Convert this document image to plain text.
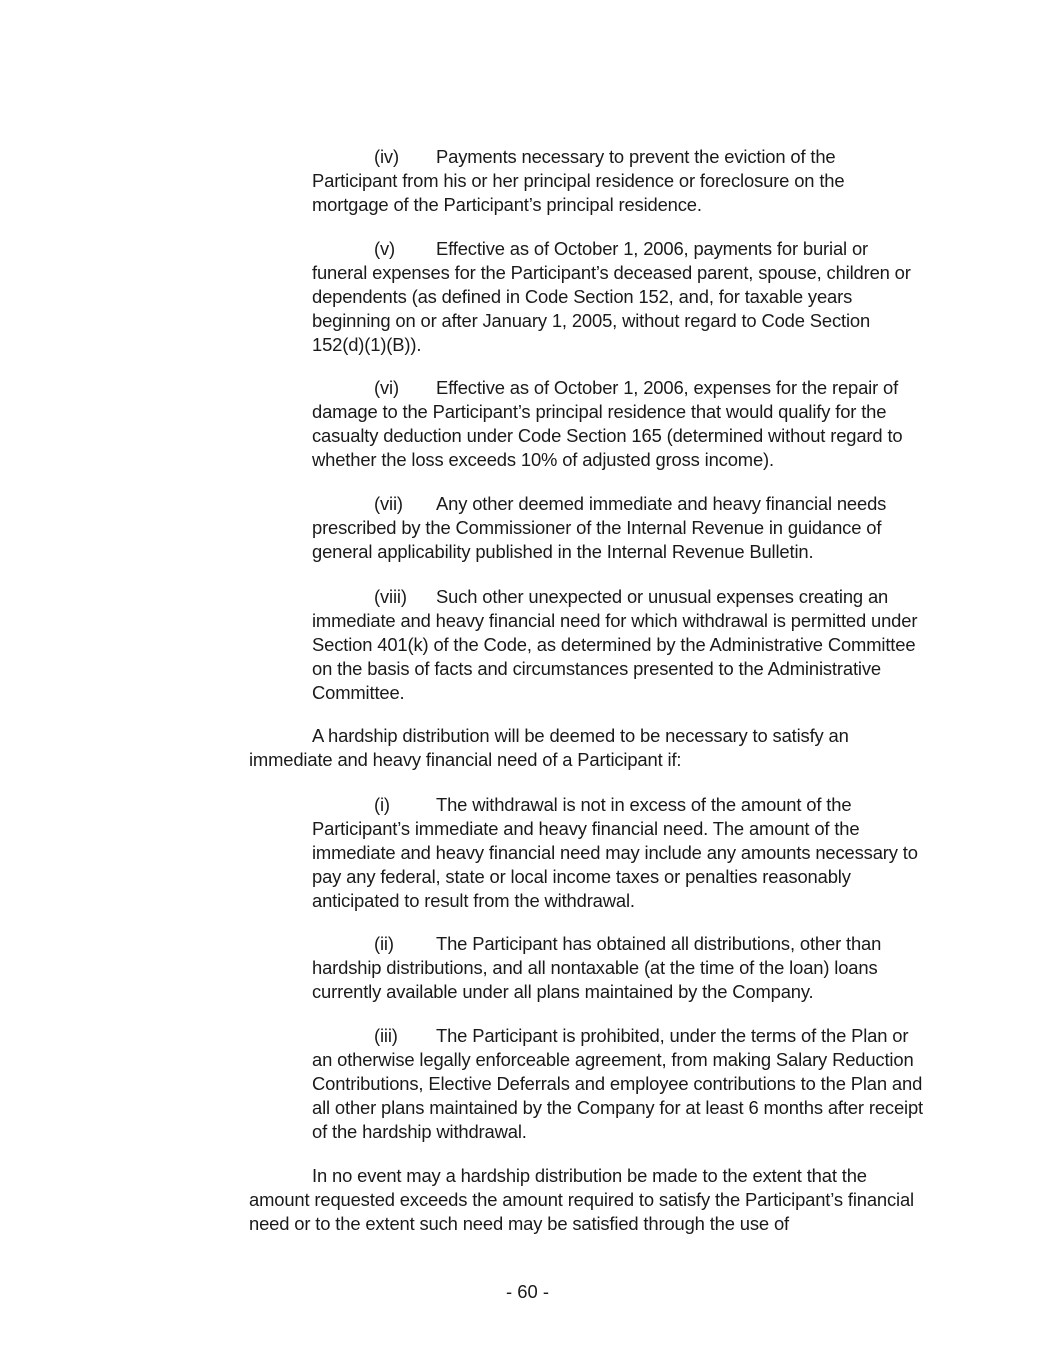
(iv) Payments necessary to prevent the eviction of the Participant from his or her principal residence or foreclosure on the mortgage of the Participant’s principal residence.

(v) Effective as of October 1, 2006, payments for burial or funeral expenses for the Participant’s deceased parent, spouse, children or dependents (as defined in Code Section 152, and, for taxable years beginning on or after January 1, 2005, without regard to Code Section 152(d)(1)(B)).

(vi) Effective as of October 1, 2006, expenses for the repair of damage to the Participant’s principal residence that would qualify for the casualty deduction under Code Section 165 (determined without regard to whether the loss exceeds 10% of adjusted gross income).

(vii) Any other deemed immediate and heavy financial needs prescribed by the Commissioner of the Internal Revenue in guidance of general applicability published in the Internal Revenue Bulletin.

(viii) Such other unexpected or unusual expenses creating an immediate and heavy financial need for which withdrawal is permitted under Section 401(k) of the Code, as determined by the Administrative Committee on the basis of facts and circumstances presented to the Administrative Committee.

A hardship distribution will be deemed to be necessary to satisfy an immediate and heavy financial need of a Participant if:

(i)	The withdrawal is not in excess of the amount of the Participant’s immediate and heavy financial need. The amount of the immediate and heavy financial need may include any amounts necessary to pay any federal, state or local income taxes or penalties reasonably anticipated to result from the withdrawal.

(ii) The Participant has obtained all distributions, other than hardship distributions, and all nontaxable (at the time of the loan) loans currently available under all plans maintained by the Company.

(iii) The Participant is prohibited, under the terms of the Plan or an otherwise legally enforceable agreement, from making Salary Reduction Contributions, Elective Deferrals and employee contributions to the Plan and all other plans maintained by the Company for at least 6 months after receipt of the hardship withdrawal.

In no event may a hardship distribution be made to the extent that the amount requested exceeds the amount required to satisfy the Participant’s financial need or to the extent such need may be satisfied through the use of

- 60 -
